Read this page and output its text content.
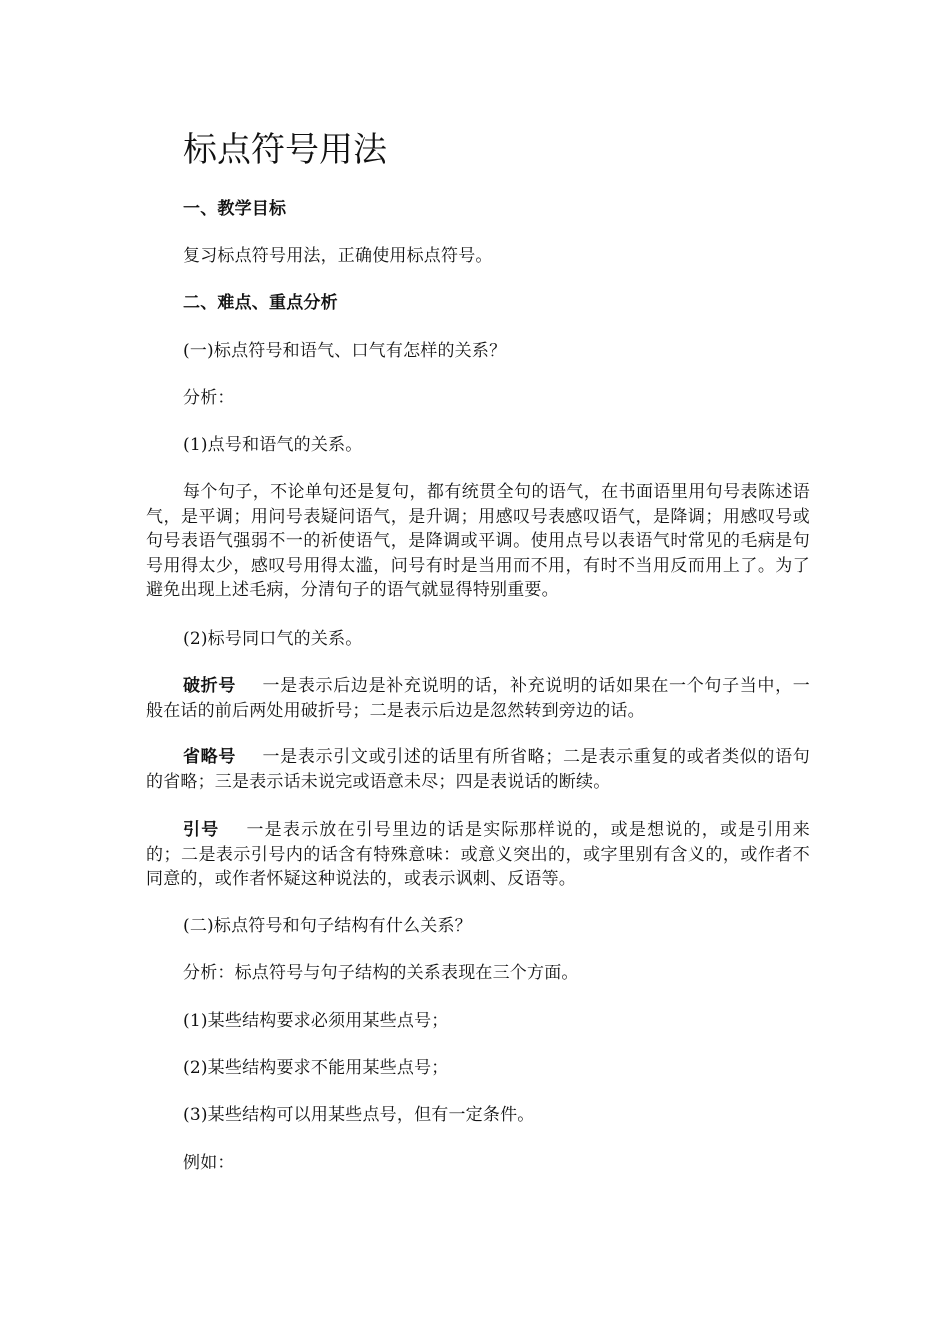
标点符号用法

一、教学目标

复习标点符号用法，正确使用标点符号。

二、难点、重点分析

(一)标点符号和语气、口气有怎样的关系？

分析：

(1)点号和语气的关系。

每个句子，不论单句还是复句，都有统贯全句的语气，在书面语里用句号表陈述语气，是平调；用问号表疑问语气，是升调；用感叹号表感叹语气，是降调；用感叹号或句号表语气强弱不一的祈使语气，是降调或平调。使用点号以表语气时常见的毛病是句号用得太少，感叹号用得太滥，问号有时是当用而不用，有时不当用反而用上了。为了避免出现上述毛病，分清句子的语气就显得特别重要。

(2)标号同口气的关系。

破折号 一是表示后边是补充说明的话，补充说明的话如果在一个句子当中，一般在话的前后两处用破折号；二是表示后边是忽然转到旁边的话。

省略号 一是表示引文或引述的话里有所省略；二是表示重复的或者类似的语句的省略；三是表示话未说完或语意未尽；四是表说话的断续。

引号 一是表示放在引号里边的话是实际那样说的，或是想说的，或是引用来的；二是表示引号内的话含有特殊意味：或意义突出的，或字里别有含义的，或作者不同意的，或作者怀疑这种说法的，或表示讽刺、反语等。

(二)标点符号和句子结构有什么关系？

分析：标点符号与句子结构的关系表现在三个方面。

(1)某些结构要求必须用某些点号；

(2)某些结构要求不能用某些点号；

(3)某些结构可以用某些点号，但有一定条件。

例如：
